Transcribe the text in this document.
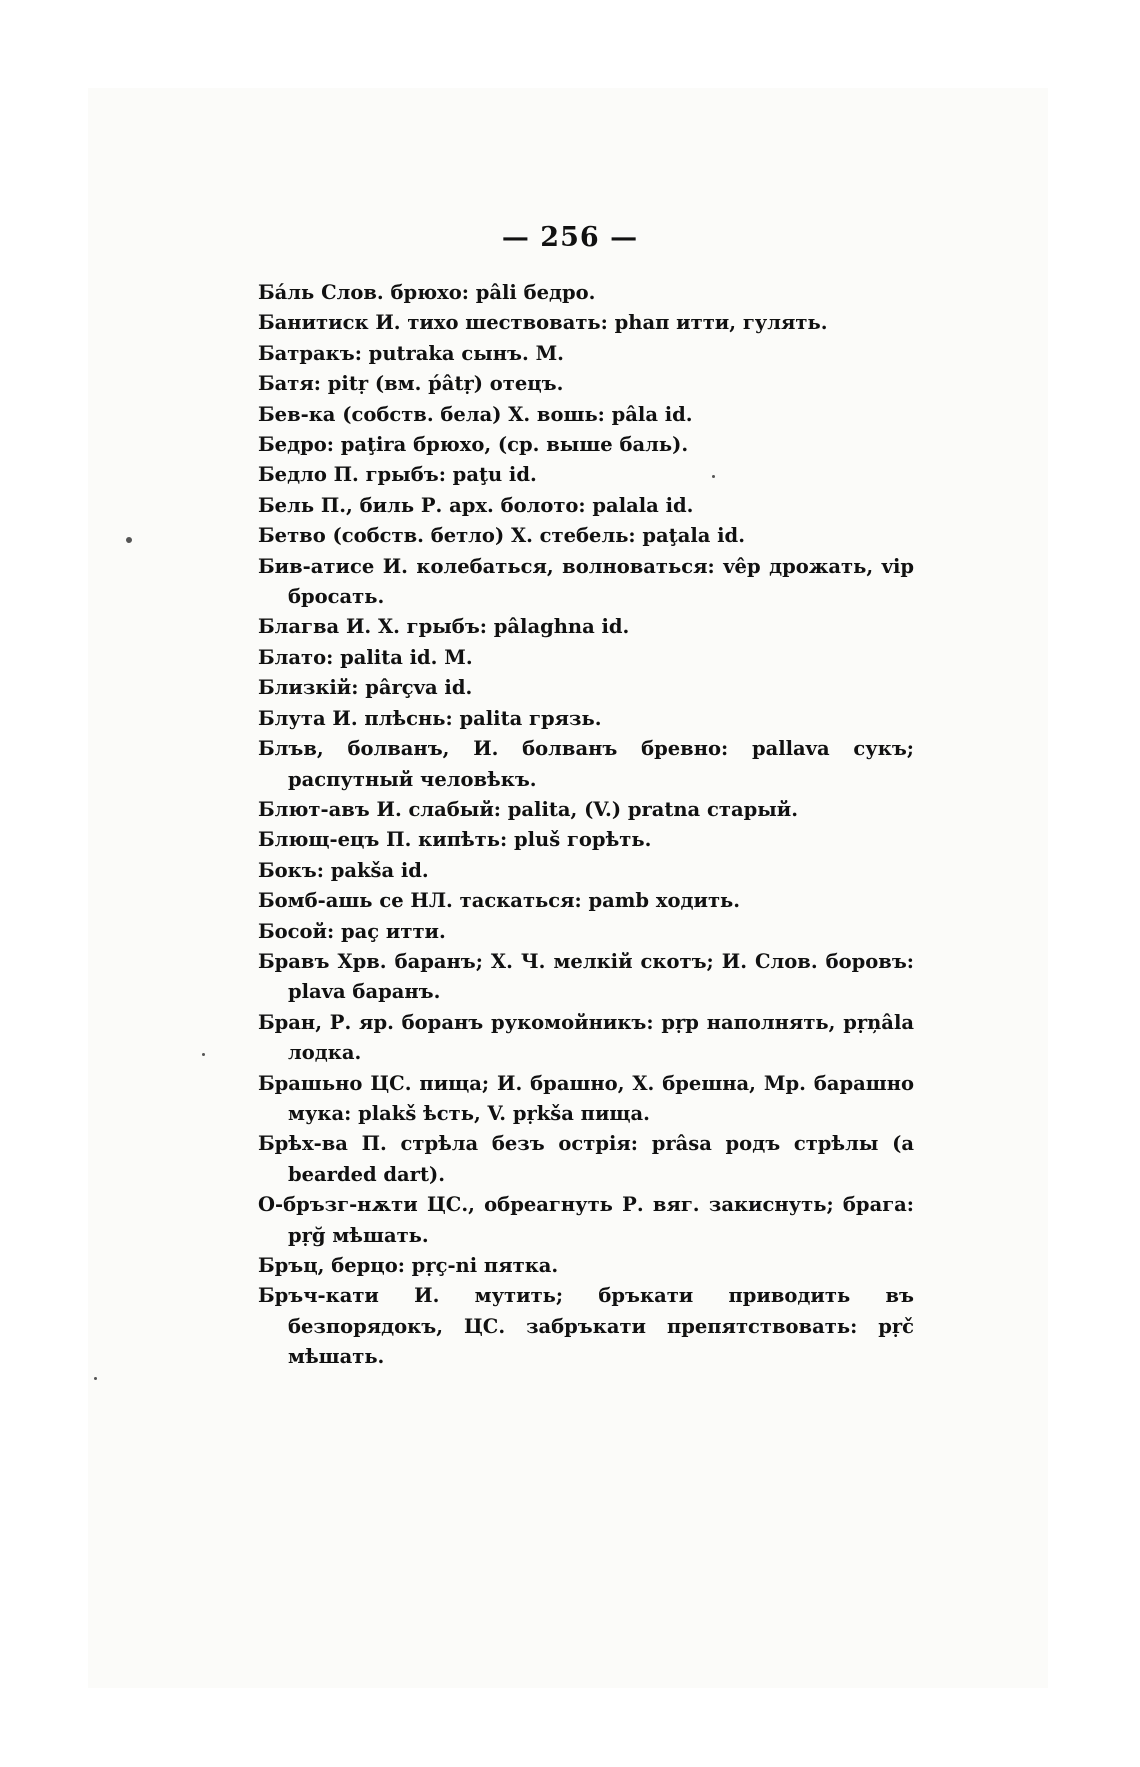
— 256 —
Бáль Слов. брюхо: pâli бедро.
Банитиск И. тихо шествовать: phaп итти, гулять.
Батракъ: putraka сынъ. М.
Батя: pitṛ (вм. ṕâtṛ) отецъ.
Бев-ка (собств. бела) Х. вошь: pâla id.
Бедро: paţira брюхо, (ср. выше баль).
Бедло П. грыбъ: paţu id.
Бель П., биль Р. арх. болото: palala id.
Бетво (собств. бетло) Х. стебель: paţala id.
Бив-атисе И. колебаться, волноваться: vêp дрожать, vip бросать.
Благва И. Х. грыбъ: pâlaghna id.
Блато: palita id. М.
Близкій: pârçva id.
Блута И. плѣснь: palita грязь.
Блъв, болванъ, И. болванъ бревно: pallava сукъ; распутный человѣкъ.
Блют-авъ И. слабый: palita, (V.) pratna старый.
Блющ-ецъ П. кипѣть: pluš горѣть.
Бокъ: pakša id.
Бомб-ашь се НЛ. таскаться: pamb ходить.
Босой: paç итти.
Бравъ Хрв. баранъ; Х. Ч. мелкій скотъ; И. Слов. боровъ: plava баранъ.
Бран, Р. яр. боранъ рукомойникъ: pṛp наполнять, pṛņâla лодка.
Брашьно ЦС. пища; И. брашно, Х. брешна, Мр. барашно мука: plakš ѣсть, V. pṛkša пища.
Брѣх-ва П. стрѣла безъ острія: prâsa родъ стрѣлы (a bearded dart).
О-бръзг-нѫти ЦС., обреагнуть Р. вяг. закиснуть; брага: pṛğ мѣшать.
Бръц, берцо: pṛç-ni пятка.
Бръч-кати И. мутить; бръкати приводить въ безпорядокъ, ЦС. забръкати препятствовать: pṛč мѣшать.
